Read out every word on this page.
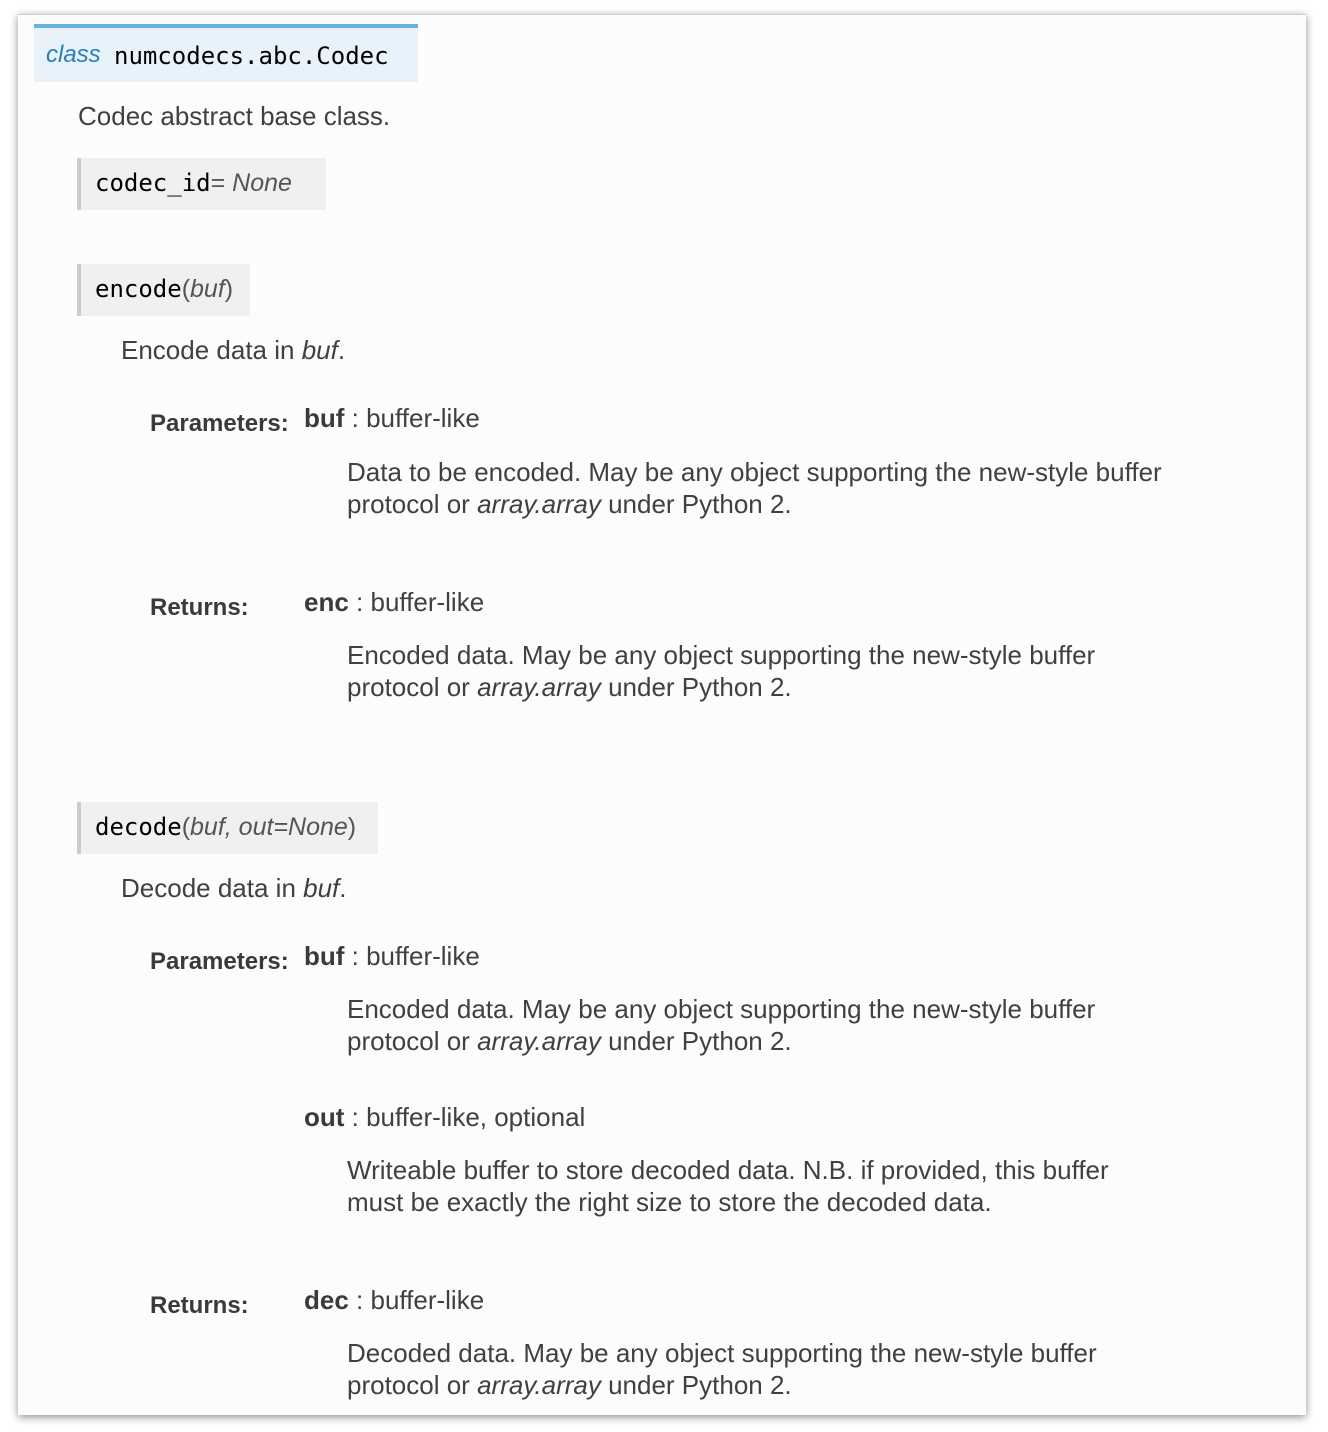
class numcodecs.abc.Codec
Codec abstract base class.
codec_id= None
encode(buf)
Encode data in buf.
Parameters: buf : buffer-like
Data to be encoded. May be any object supporting the new-style buffer
protocol or array.array under Python 2.
Returns: enc : buffer-like
Encoded data. May be any object supporting the new-style buffer
protocol or array.array under Python 2.
decode(buf, out=None)
Decode data in buf.
Parameters: buf : buffer-like
Encoded data. May be any object supporting the new-style buffer
protocol or array.array under Python 2.
out : buffer-like, optional
Writeable buffer to store decoded data. N.B. if provided, this buffer
must be exactly the right size to store the decoded data.
Returns: dec : buffer-like
Decoded data. May be any object supporting the new-style buffer
protocol or array.array under Python 2.
